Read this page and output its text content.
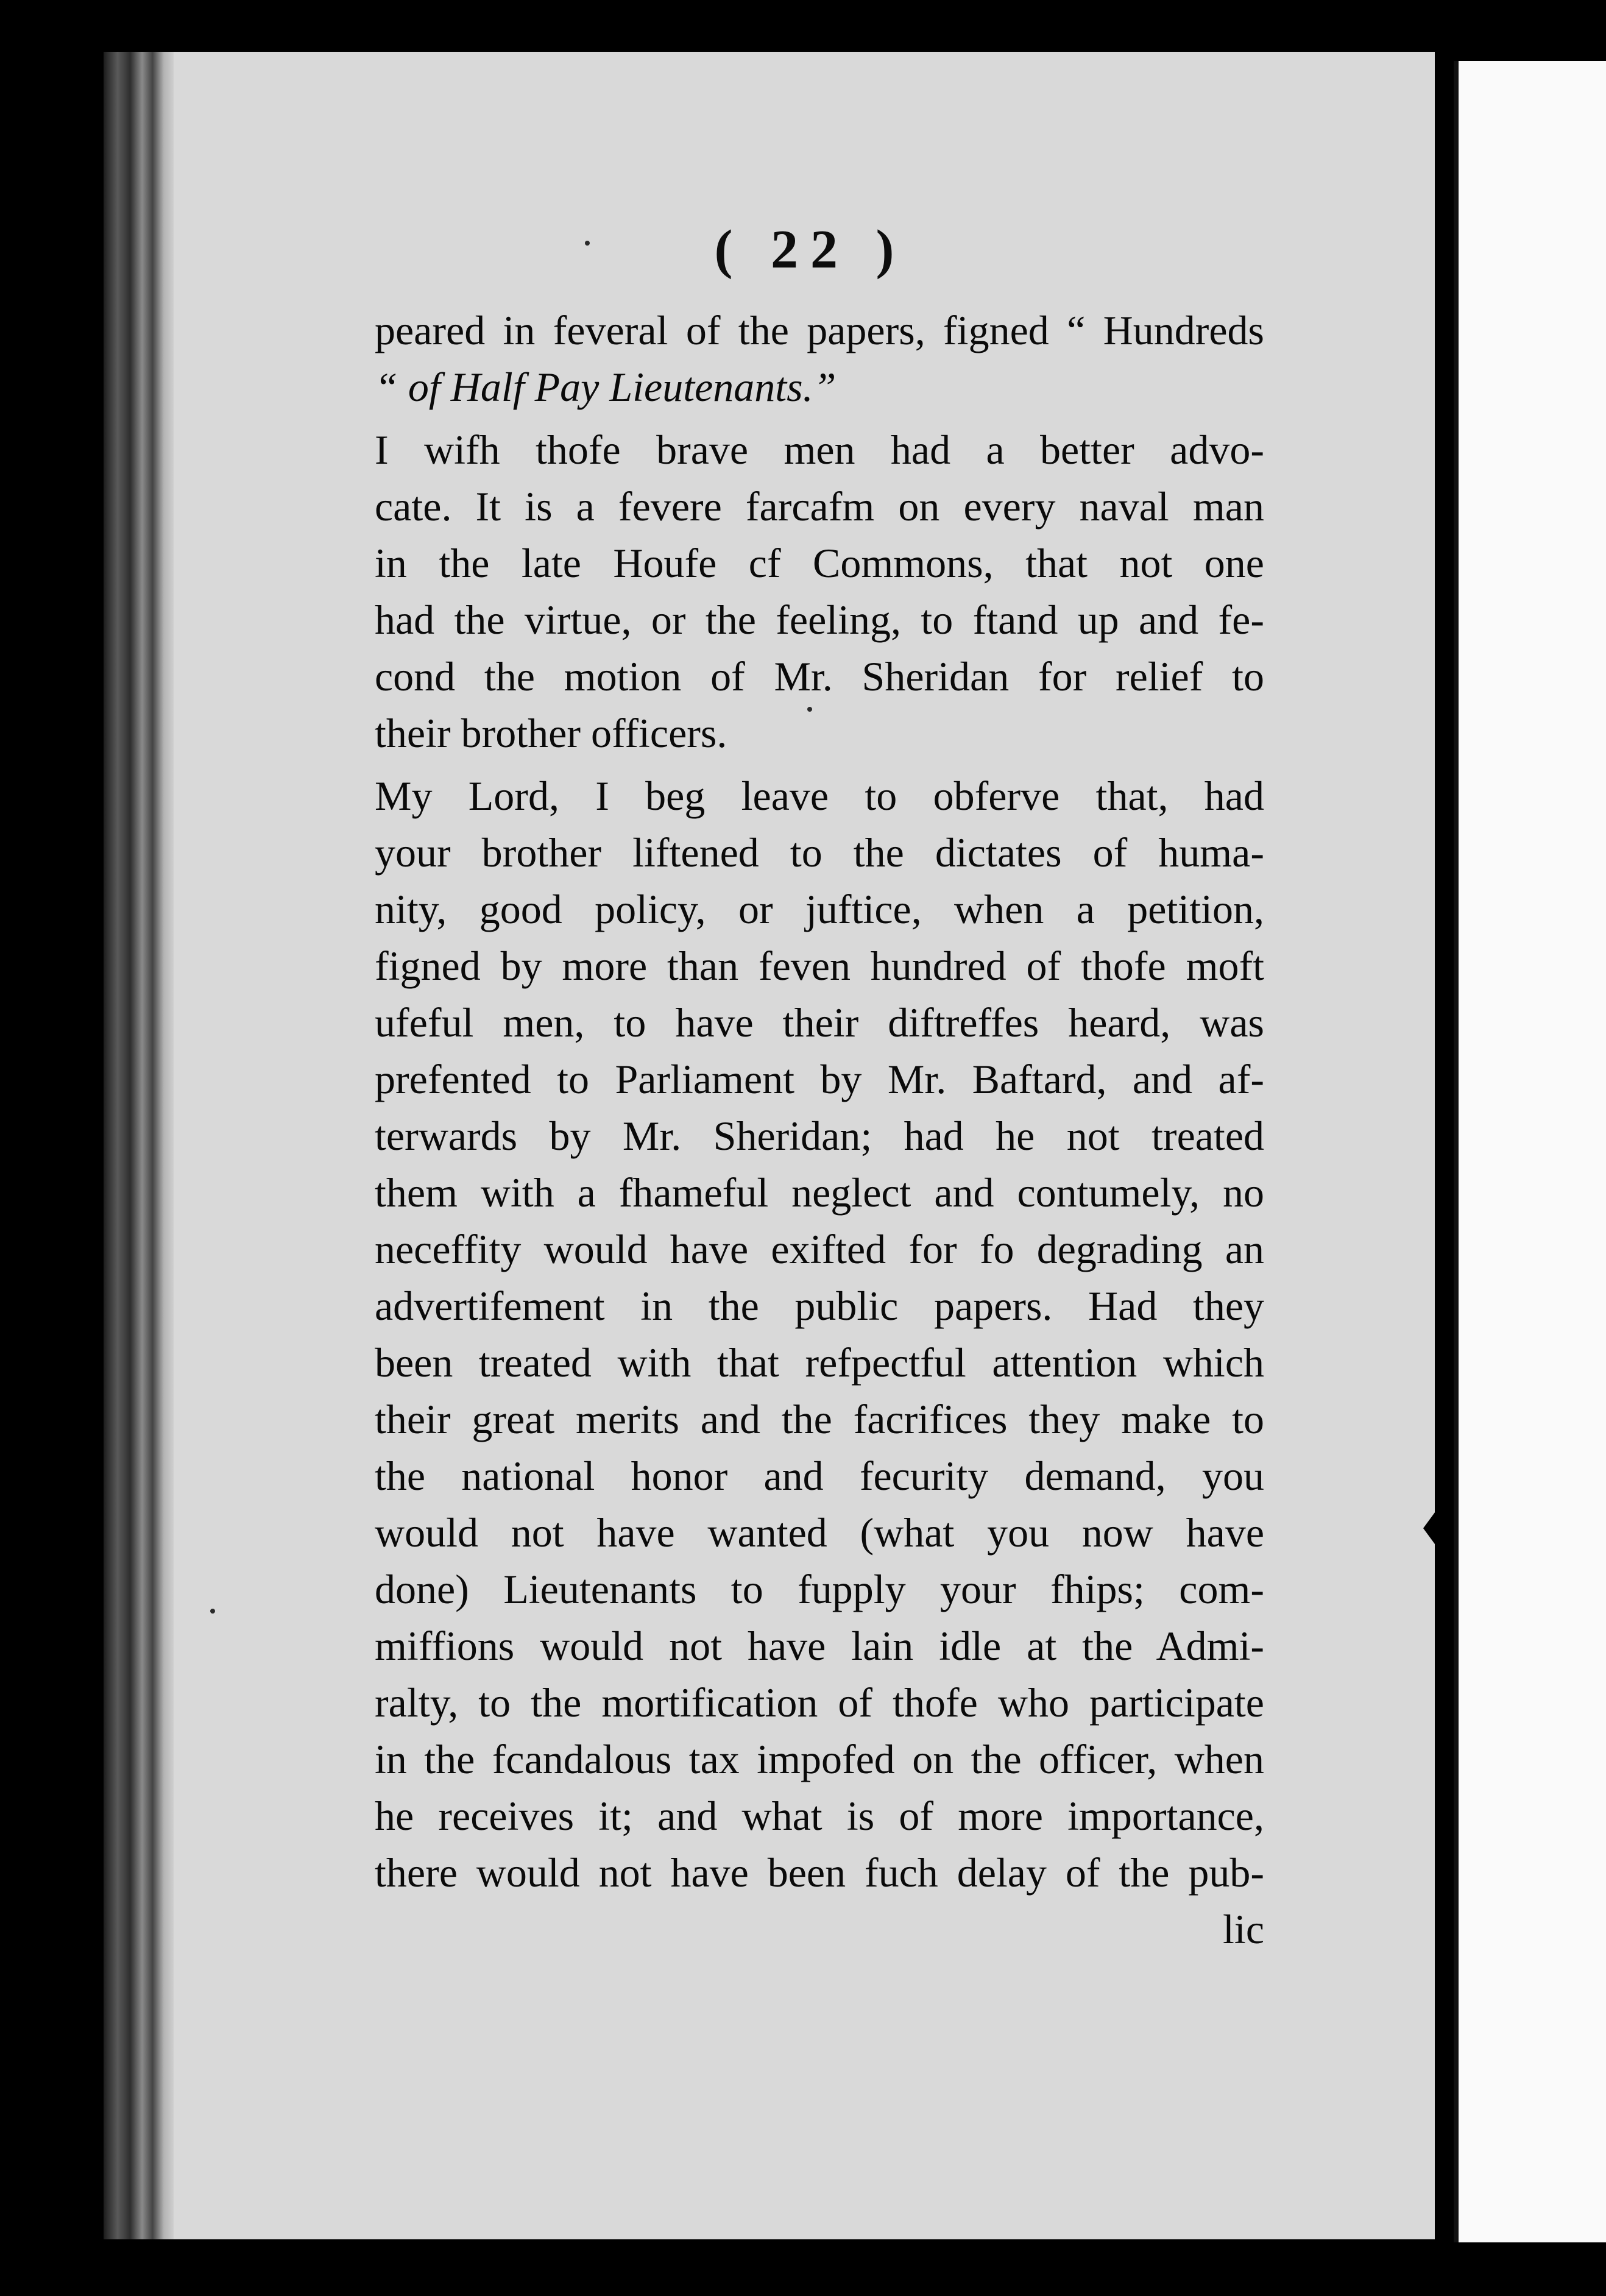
( 22 )
peared in feveral of the papers, figned “ Hundreds
“ of Half Pay Lieutenants.”
I wifh thofe brave men had a better advo-
cate. It is a fevere farcafm on every naval man
in the late Houfe cf Commons, that not one
had the virtue, or the feeling, to ftand up and fe-
cond the motion of Mr. Sheridan for relief to
their brother officers.
My Lord, I beg leave to obferve that, had
your brother liftened to the dictates of huma-
nity, good policy, or juftice, when a petition,
figned by more than feven hundred of thofe moft
ufeful men, to have their diftreffes heard, was
prefented to Parliament by Mr. Baftard, and af-
terwards by Mr. Sheridan; had he not treated
them with a fhameful neglect and contumely, no
neceffity would have exifted for fo degrading an
advertifement in the public papers. Had they
been treated with that refpectful attention which
their great merits and the facrifices they make to
the national honor and fecurity demand, you
would not have wanted (what you now have
done) Lieutenants to fupply your fhips; com-
miffions would not have lain idle at the Admi-
ralty, to the mortification of thofe who participate
in the fcandalous tax impofed on the officer, when
he receives it; and what is of more importance,
there would not have been fuch delay of the pub-
lic
